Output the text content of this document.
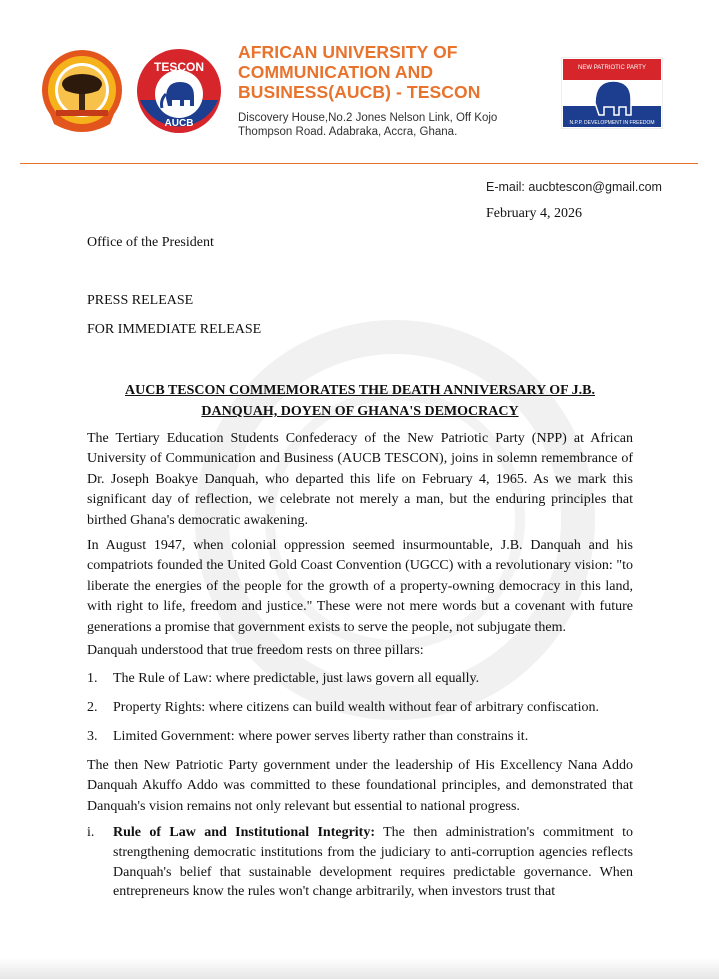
TESCON
AUCB
AFRICAN UNIVERSITY OF
COMMUNICATION AND
BUSINESS(AUCB) - TESCON
Discovery House,No.2 Jones Nelson Link, Off Kojo
Thompson Road. Adabraka, Accra, Ghana.
NEW PATRIOTIC PARTY
N.P.P. DEVELOPMENT IN FREEDOM
E-mail: aucbtescon@gmail.com
February 4, 2026
Office of the President
PRESS RELEASE
FOR IMMEDIATE RELEASE
AUCB TESCON COMMEMORATES THE DEATH ANNIVERSARY OF J.B. DANQUAH, DOYEN OF GHANA'S DEMOCRACY
The Tertiary Education Students Confederacy of the New Patriotic Party (NPP) at African University of Communication and Business (AUCB TESCON), joins in solemn remembrance of Dr. Joseph Boakye Danquah, who departed this life on February 4, 1965. As we mark this significant day of reflection, we celebrate not merely a man, but the enduring principles that birthed Ghana's democratic awakening.
In August 1947, when colonial oppression seemed insurmountable, J.B. Danquah and his compatriots founded the United Gold Coast Convention (UGCC) with a revolutionary vision: "to liberate the energies of the people for the growth of a property-owning democracy in this land, with right to life, freedom and justice." These were not mere words but a covenant with future generations a promise that government exists to serve the people, not subjugate them.
Danquah understood that true freedom rests on three pillars:
1. The Rule of Law: where predictable, just laws govern all equally.
2. Property Rights: where citizens can build wealth without fear of arbitrary confiscation.
3. Limited Government: where power serves liberty rather than constrains it.
The then New Patriotic Party government under the leadership of His Excellency Nana Addo Danquah Akuffo Addo was committed to these foundational principles, and demonstrated that Danquah's vision remains not only relevant but essential to national progress.
i. Rule of Law and Institutional Integrity: The then administration's commitment to strengthening democratic institutions from the judiciary to anti-corruption agencies reflects Danquah's belief that sustainable development requires predictable governance. When entrepreneurs know the rules won't change arbitrarily, when investors trust that
